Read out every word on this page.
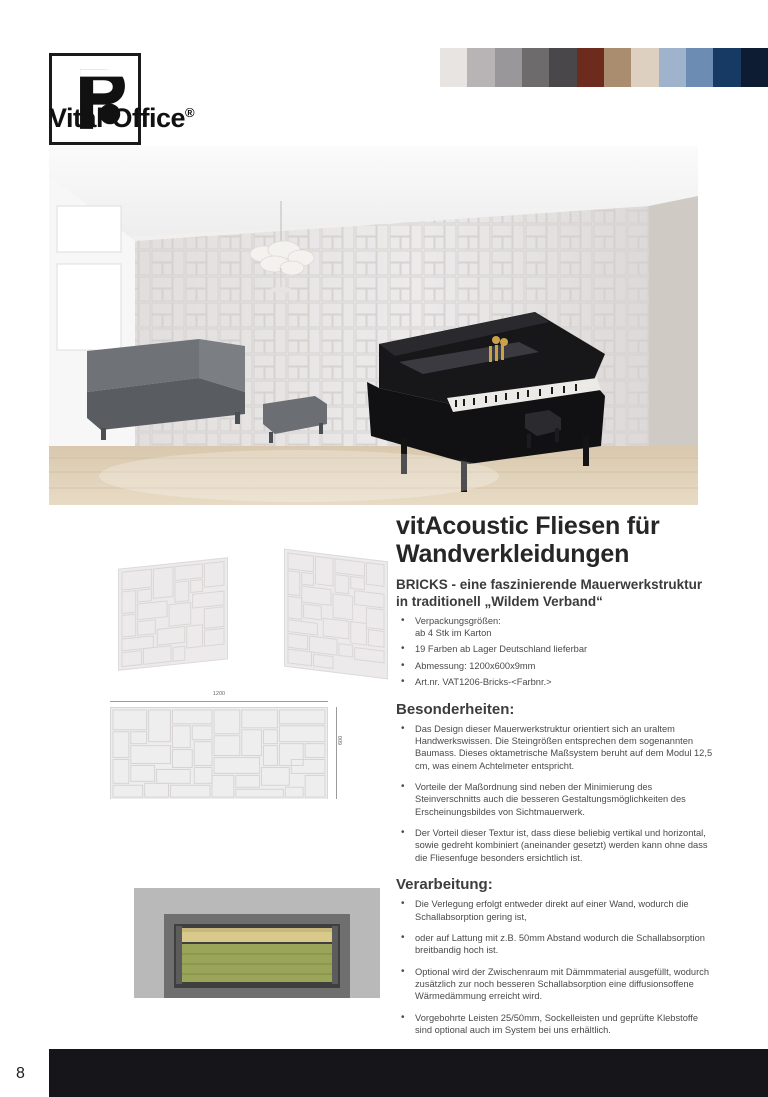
Vital-Office®
1200
600
vitAcoustic Fliesen für Wandverkleidungen
BRICKS - eine faszinierende Mauerwerkstruktur in traditionell „Wildem Verband“
• Verpackungsgrößen:
ab 4 Stk im Karton
• 19 Farben ab Lager Deutschland lieferbar
• Abmessung: 1200x600x9mm
• Art.nr. VAT1206-Bricks-<Farbnr.>
Besonderheiten:
• Das Design dieser Mauerwerkstruktur orientiert sich an uraltem Handwerkswissen. Die Steingrößen entsprechen dem sogenannten Baumass. Dieses oktametrische Maßsystem beruht auf dem Modul 12,5 cm, was einem Achtelmeter entspricht.
• Vorteile der Maßordnung sind neben der Minimierung des Steinverschnitts auch die besseren Gestaltungsmöglichkeiten des Erscheinungsbildes von Sichtmauerwerk.
• Der Vorteil dieser Textur ist, dass diese beliebig vertikal und horizontal, sowie gedreht kombiniert (aneinander gesetzt) werden kann ohne dass die Fliesenfuge besonders ersichtlich ist.
Verarbeitung:
• Die Verlegung erfolgt entweder direkt auf einer Wand, wodurch die Schallabsorption gering ist,
• oder auf Lattung mit z.B. 50mm Abstand wodurch die Schallabsorption breitbandig hoch ist.
• Optional wird der Zwischenraum mit Dämmmaterial ausgefüllt, wodurch zusätzlich zur noch besseren Schallabsorption eine diffusionsoffene Wärmedämmung erreicht wird.
• Vorgebohrte Leisten 25/50mm, Sockelleisten und geprüfte Klebstoffe sind optional auch im System bei uns erhältlich.
8
